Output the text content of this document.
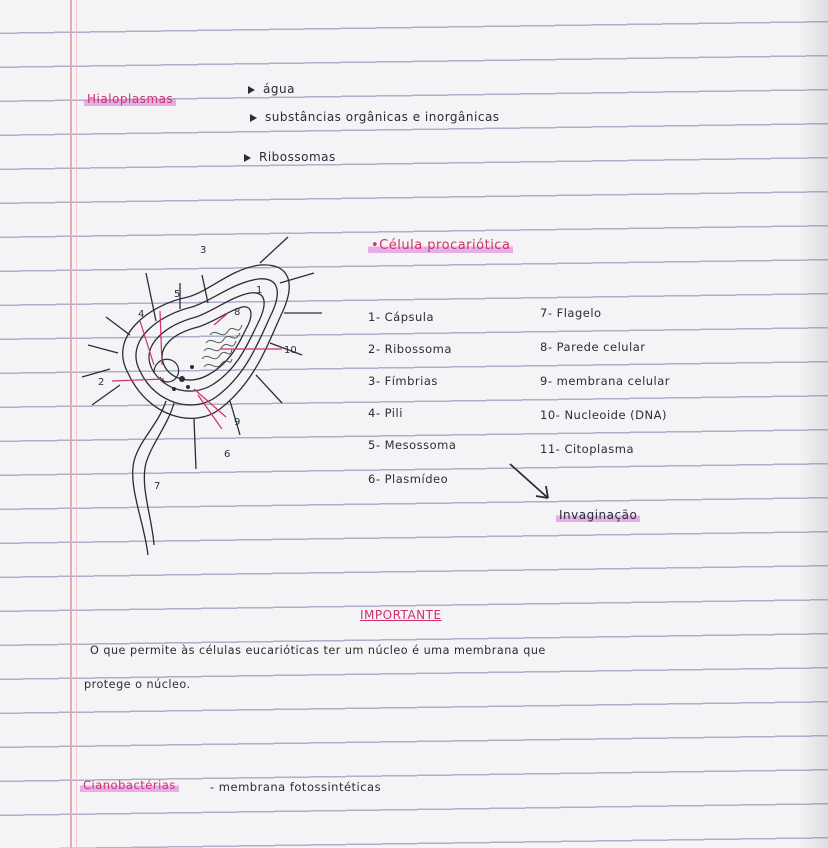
Hialoplasmas
água
substâncias orgânicas e inorgânicas
Ribossomas
•Célula procariótica
3
4
5
8
1
2
10
9
6
7
1- Cápsula
2- Ribossoma
3- Fímbrias
4- Pili
5- Mesossoma
6- Plasmídeo
7- Flagelo
8- Parede celular
9- membrana celular
10- Nucleoide (DNA)
11- Citoplasma
Invaginação
IMPORTANTE
O que permite às células eucarióticas ter um núcleo é uma membrana que
protege o núcleo.
Cianobactérias	- membrana fotossintéticas
